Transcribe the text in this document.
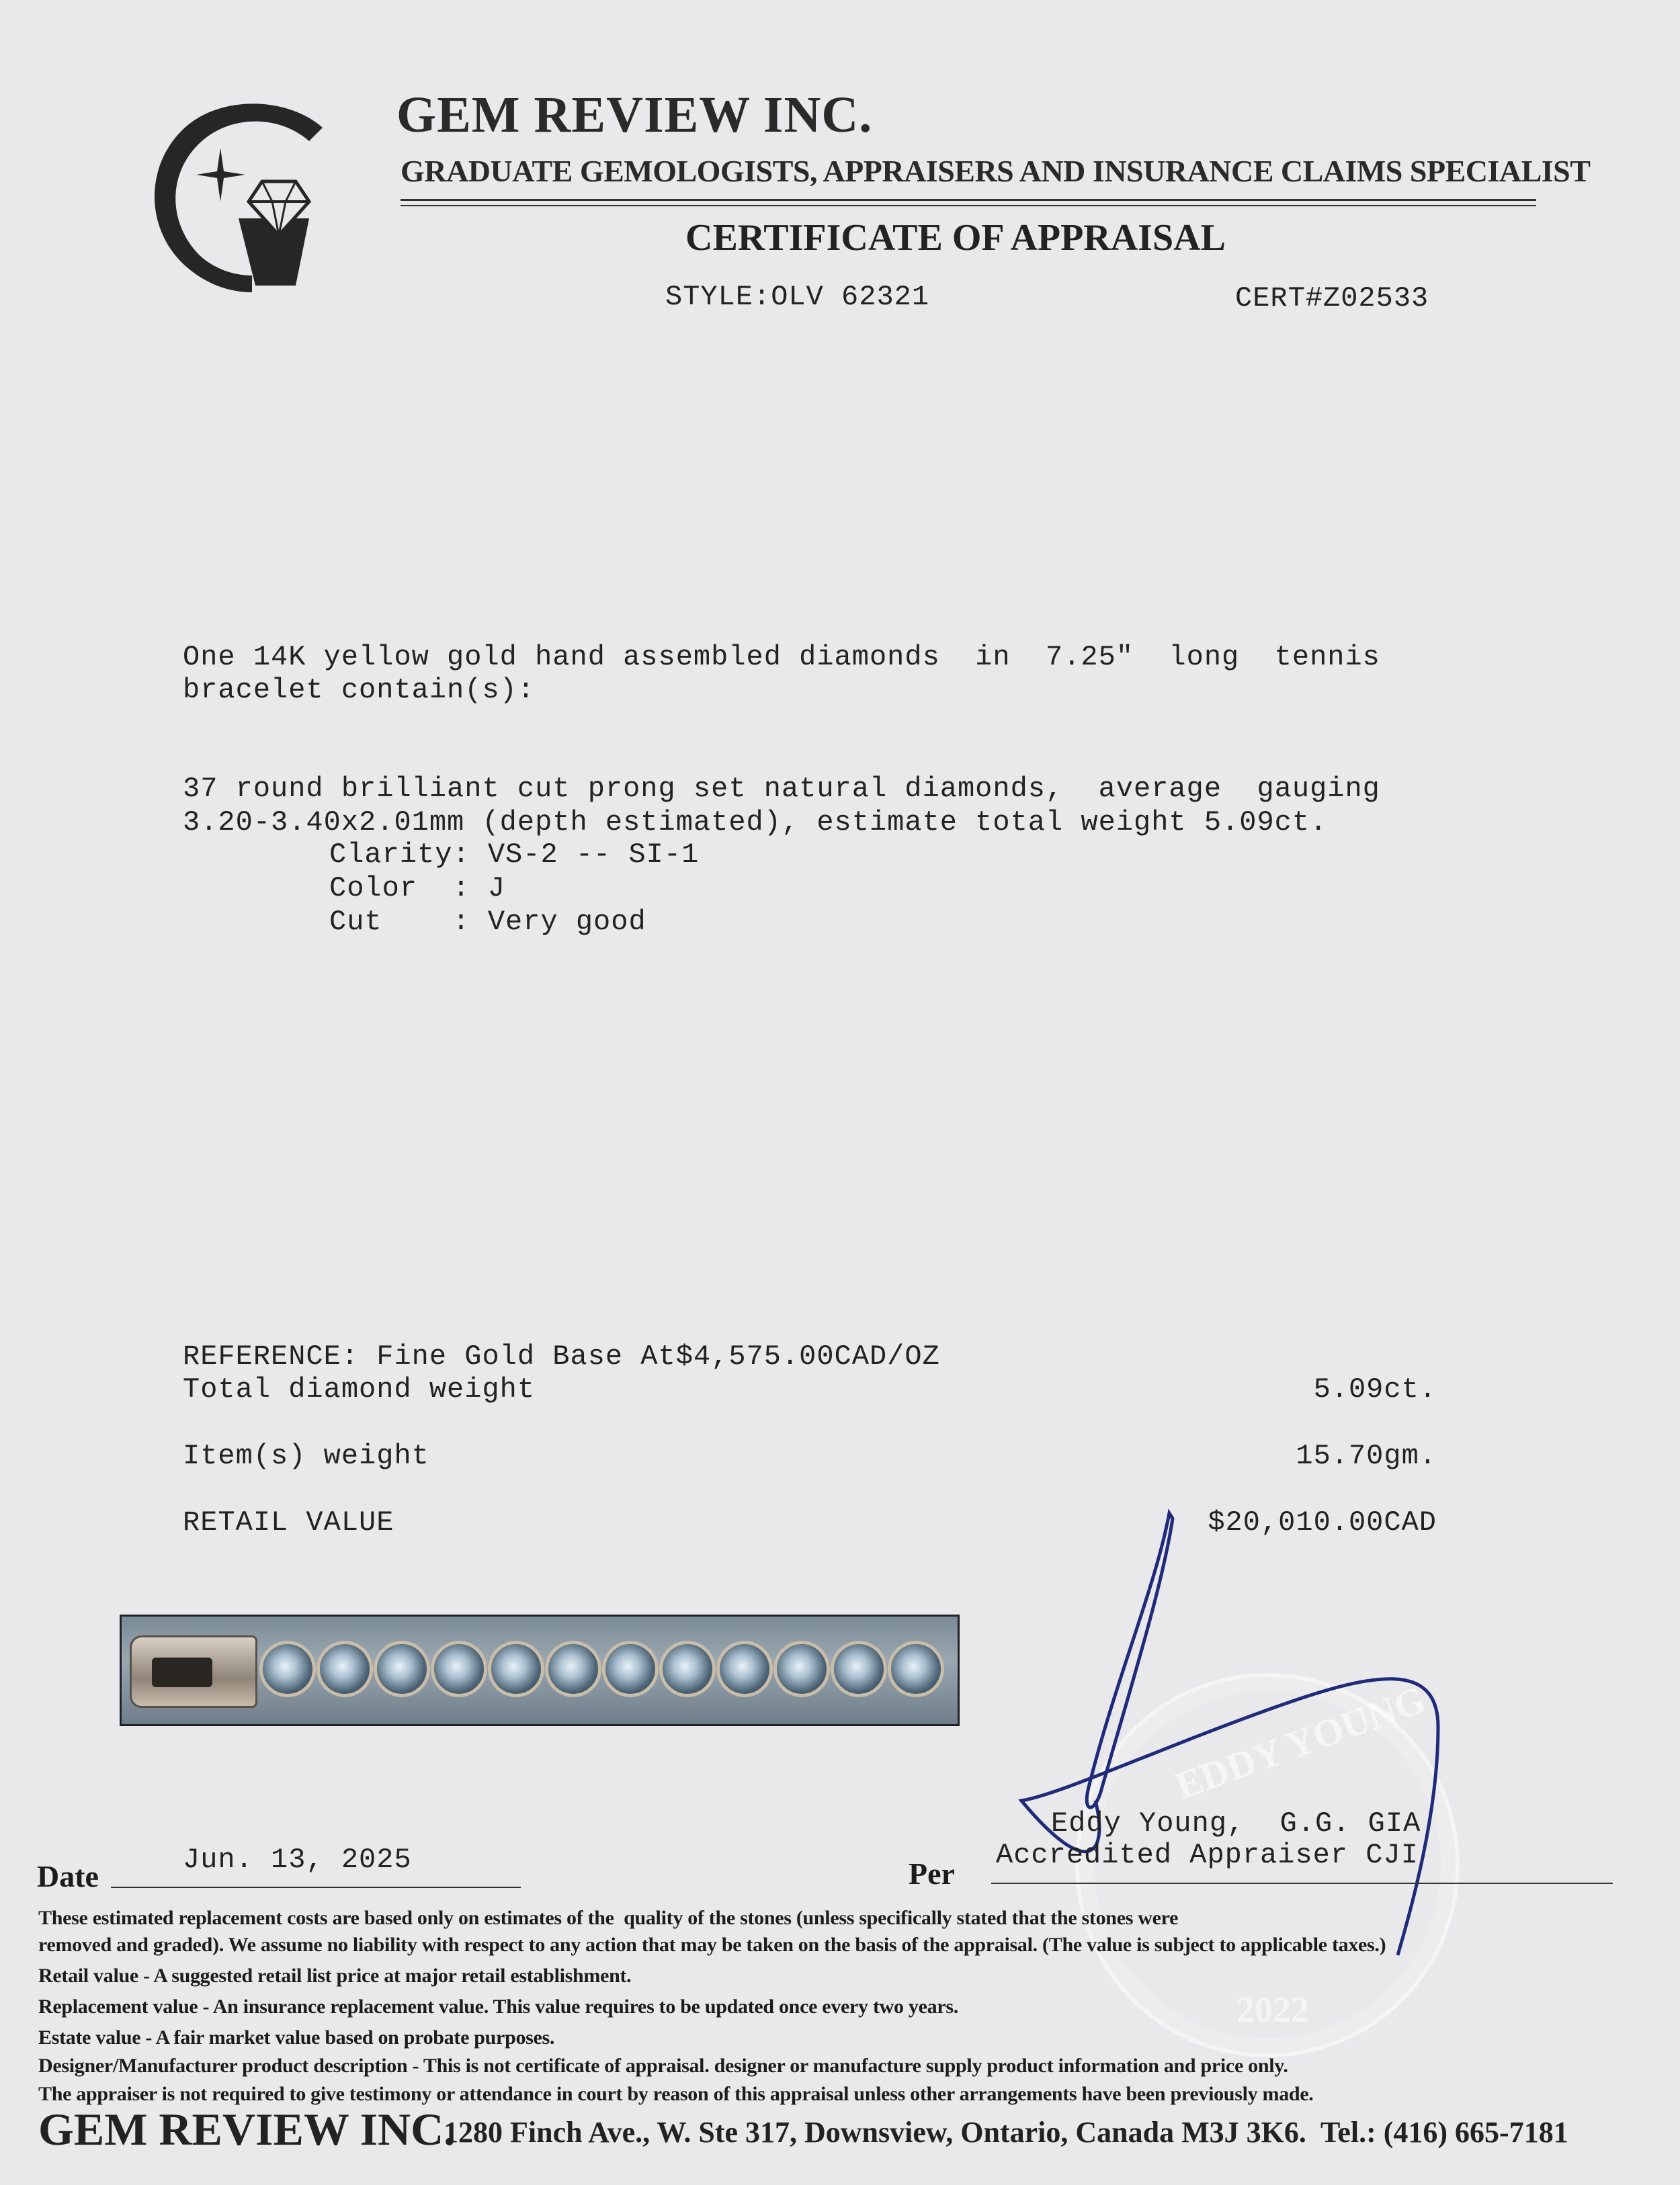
GEM REVIEW INC.
GRADUATE GEMOLOGISTS, APPRAISERS AND INSURANCE CLAIMS SPECIALIST
CERTIFICATE OF APPRAISAL
STYLE:OLV 62321	CERT#Z02533
One 14K yellow gold hand assembled diamonds  in  7.25"  long  tennis
bracelet contain(s):
37 round brilliant cut prong set natural diamonds,  average  gauging
3.20-3.40x2.01mm (depth estimated), estimate total weight 5.09ct.
Clarity: VS-2 -- SI-1
Color  : J
Cut    : Very good
REFERENCE: Fine Gold Base At$4,575.00CAD/OZ
Total diamond weight	5.09ct.
Item(s) weight	15.70gm.
RETAIL VALUE	$20,010.00CAD
EDDY YOUNG
2022
Eddy Young,  G.G. GIA
Accredited Appraiser CJI
Date	Jun. 13, 2025	Per
These estimated replacement costs are based only on estimates of the  quality of the stones (unless specifically stated that the stones were
removed and graded). We assume no liability with respect to any action that may be taken on the basis of the appraisal. (The value is subject to applicable taxes.)
Retail value - A suggested retail list price at major retail establishment.
Replacement value - An insurance replacement value. This value requires to be updated once every two years.
Estate value - A fair market value based on probate purposes.
Designer/Manufacturer product description - This is not certificate of appraisal. designer or manufacture supply product information and price only.
The appraiser is not required to give testimony or attendance in court by reason of this appraisal unless other arrangements have been previously made.
GEM REVIEW INC.
1280 Finch Ave., W. Ste 317, Downsview, Ontario, Canada M3J 3K6.  Tel.: (416) 665-7181
